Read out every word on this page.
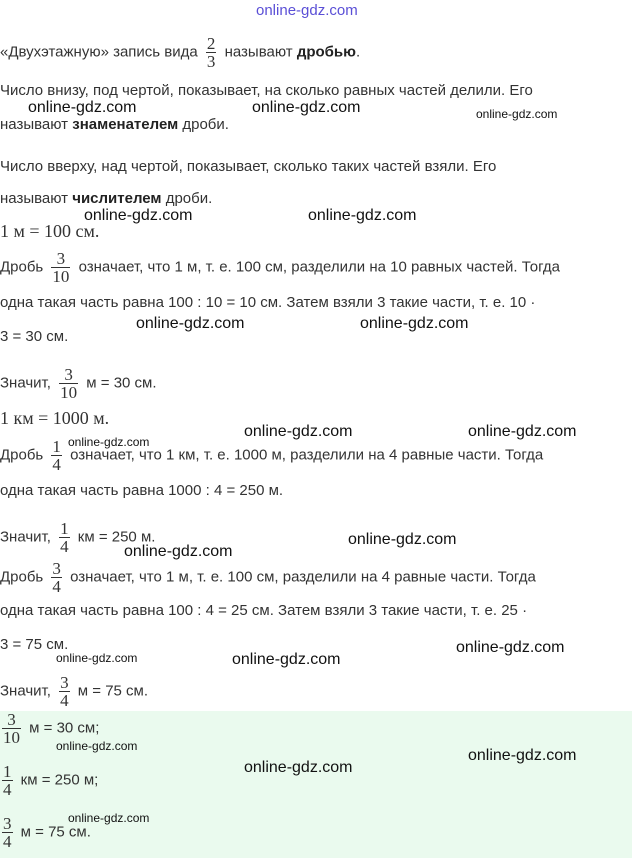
«Двухэтажную» запись вида $\frac{2}{3}$ называют дробью.
Число внизу, под чертой, показывает, на сколько равных частей делили. Его
называют знаменателем дроби.
Число вверху, над чертой, показывает, сколько таких частей взяли. Его
называют числителем дроби.
1 м = 100 см.
Дробь $\frac{3}{10}$ означает, что 1 м, т. е. 100 см, разделили на 10 равных частей. Тогда
одна такая часть равна 100 : 10 = 10 см. Затем взяли 3 такие части, т. е. 10 ·
3 = 30 см.
Значит, $\frac{3}{10}$ м = 30 см.
1 км = 1000 м.
Дробь $\frac{1}{4}$ означает, что 1 км, т. е. 1000 м, разделили на 4 равные части. Тогда
одна такая часть равна 1000 : 4 = 250 м.
Значит, $\frac{1}{4}$ км = 250 м.
Дробь $\frac{3}{4}$ означает, что 1 м, т. е. 100 см, разделили на 4 равные части. Тогда
одна такая часть равна 100 : 4 = 25 см. Затем взяли 3 такие части, т. е. 25 ·
3 = 75 см.
Значит, $\frac{3}{4}$ м = 75 см.
$\frac{3}{10}$ м = 30 см;
$\frac{1}{4}$ км = 250 м;
$\frac{3}{4}$ м = 75 см.
online-gdz.com
online-gdz.com	online-gdz.com	online-gdz.com
online-gdz.com	online-gdz.com
online-gdz.com	online-gdz.com
online-gdz.com	online-gdz.com
online-gdz.com
online-gdz.com
online-gdz.com
online-gdz.com	online-gdz.com
online-gdz.com
online-gdz.com
online-gdz.com
online-gdz.com
online-gdz.com
